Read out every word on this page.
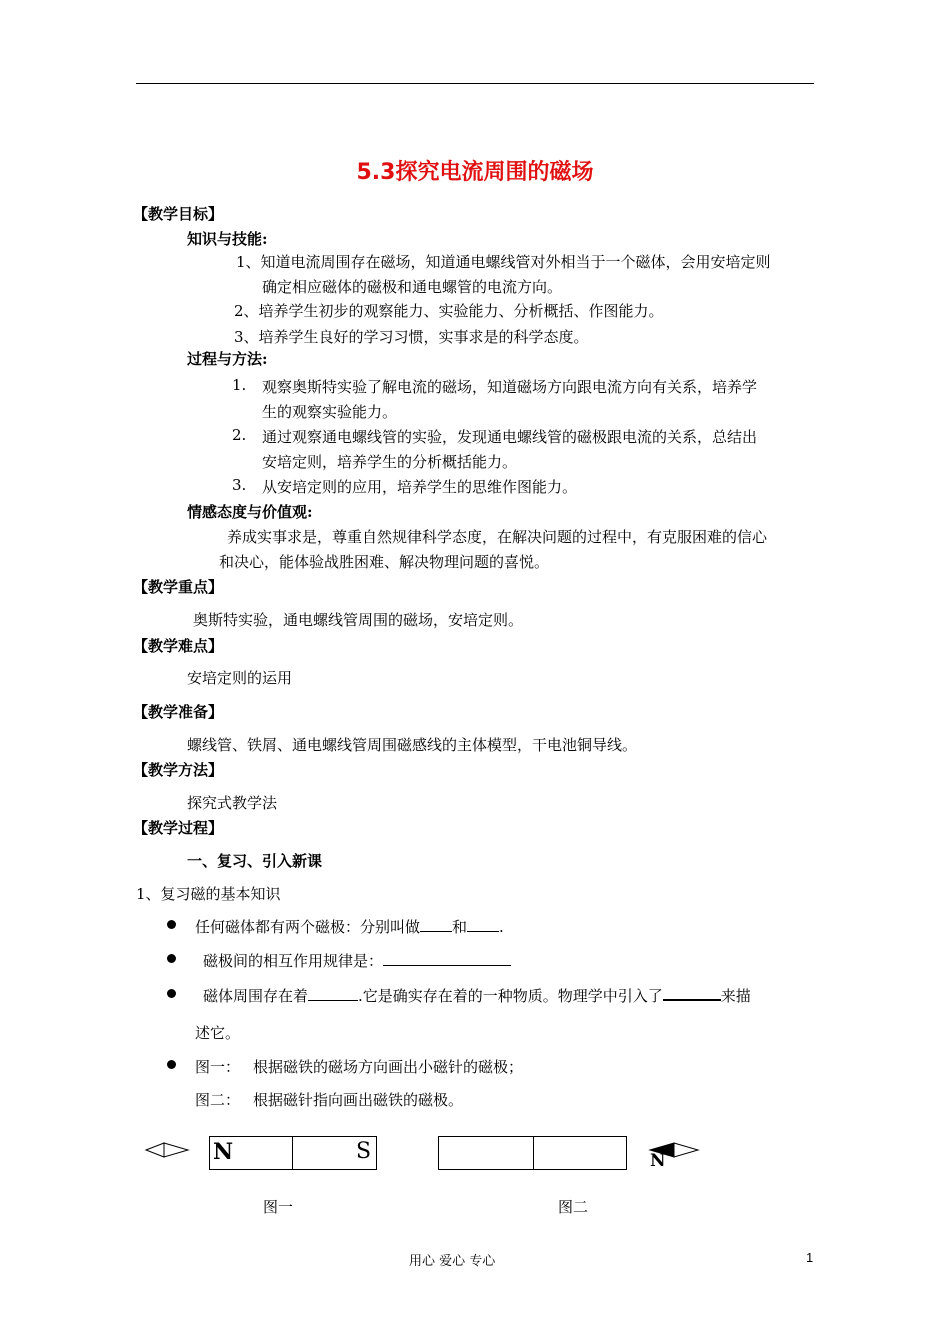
5.3探究电流周围的磁场
【教学目标】
知识与技能:
1、知道电流周围存在磁场，知道通电螺线管对外相当于一个磁体，会用安培定则
确定相应磁体的磁极和通电螺管的电流方向。
2、培养学生初步的观察能力、实验能力、分析概括、作图能力。
3、培养学生良好的学习习惯，实事求是的科学态度。
过程与方法:
1. 观察奥斯特实验了解电流的磁场，知道磁场方向跟电流方向有关系，培养学
生的观察实验能力。
2. 通过观察通电螺线管的实验，发现通电螺线管的磁极跟电流的关系，总结出
安培定则，培养学生的分析概括能力。
3. 从安培定则的应用，培养学生的思维作图能力。
情感态度与价值观:
养成实事求是，尊重自然规律科学态度，在解决问题的过程中，有克服困难的信心
和决心，能体验战胜困难、解决物理问题的喜悦。
【教学重点】
奥斯特实验，通电螺线管周围的磁场，安培定则。
【教学难点】
安培定则的运用
【教学准备】
螺线管、铁屑、通电螺线管周围磁感线的主体模型，干电池铜导线。
【教学方法】
探究式教学法
【教学过程】
一、复习、引入新课
1、复习磁的基本知识
任何磁体都有两个磁极：分别叫做 和 .
磁极间的相互作用规律是：
磁体周围存在着	.它是确实存在着的一种物质。物理学中引入了	来描
述它。
图一： 根据磁铁的磁场方向画出小磁针的磁极；
图二： 根据磁针指向画出磁铁的磁极。
N	S	N
图一	图二
用心 爱心 专心	1
